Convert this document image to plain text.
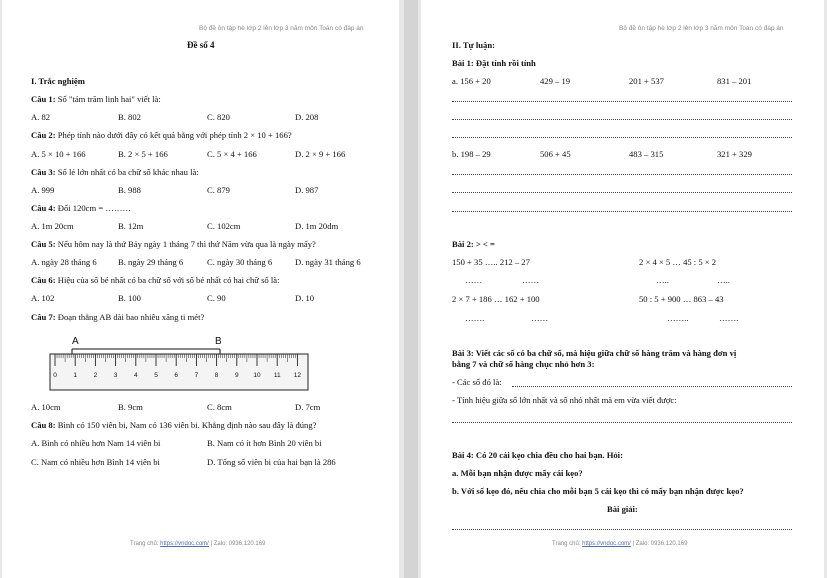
Bộ đề ôn tập hè lớp 2 lên lớp 3 năm môn Toán có đáp án
Đề số 4
I. Trắc nghiệm
Câu 1: Số "tám trăm linh hai" viết là:
A. 82	B. 802	C. 820	D. 208
Câu 2: Phép tính nào dưới đây có kết quả bằng với phép tính 2 × 10 + 166?
A. 5 × 10 + 166	B. 2 × 5 + 166	C. 5 × 4 + 166	D. 2 × 9 + 166
Câu 3: Số lẻ lớn nhất có ba chữ số khác nhau là:
A. 999	B. 988	C. 879	D. 987
Câu 4: Đổi 120cm = ………
A. 1m 20cm	B. 12m	C. 102cm	D. 1m 20dm
Câu 5: Nếu hôm nay là thứ Bảy ngày 1 tháng 7 thì thứ Năm vừa qua là ngày mấy?
A. ngày 28 tháng 6 B. ngày 29 tháng 6	C. ngày 30 tháng 6	D. ngày 31 tháng 6
Câu 6: Hiệu của số bé nhất có ba chữ số với số bé nhất có hai chữ số là:
A. 102	B. 100	C. 90	D. 10
Câu 7: Đoạn thẳng AB dài bao nhiêu xăng ti mét?
A	B
0	1	2	3	4	5	6	7	8	9 10 11 12
A. 10cm	B. 9cm	C. 8cm	D. 7cm
Câu 8: Bình có 150 viên bi, Nam có 136 viên bi. Khẳng định nào sau đây là đúng?
A. Bình có nhiều hơn Nam 14 viên bi	B. Nam có ít hơn Bình 20 viên bi
C. Nam có nhiều hơn Bình 14 viên bi	D. Tổng số viên bi của hai bạn là 286
Trang chủ: https://vndoc.com/ | Zalo: 0936.120.169
Bộ đề ôn tập hè lớp 2 lên lớp 3 năm môn Toán có đáp án
II. Tự luận:
Bài 1: Đặt tính rồi tính
a. 156 + 20	429 – 19	201 + 537	831 – 201
b. 198 – 29	506 + 45	483 – 315	321 + 329
Bài 2: > < =
150 + 35 ….. 212 – 27	2 × 4 × 5 … 45 : 5 × 2
……	……	…..	…..
2 × 7 + 186 … 162 + 100	50 : 5 + 900 … 863 – 43
…….	……	……..	…….
Bài 3: Viết các số có ba chữ số, mà hiệu giữa chữ số hàng trăm và hàng đơn vị
bằng 7 và chữ số hàng chục nhỏ hơn 3:
- Các số đó là:
- Tính hiệu giữa số lớn nhất và số nhỏ nhất mà em vừa viết được:
Bài 4: Có 20 cái kẹo chia đều cho hai bạn. Hỏi:
a. Mỗi bạn nhận được mấy cái kẹo?
b. Với số kẹo đó, nếu chia cho mỗi bạn 5 cái kẹo thì có mấy bạn nhận được kẹo?
Bài giải:
Trang chủ: https://vndoc.com/ | Zalo: 0936.120.169
